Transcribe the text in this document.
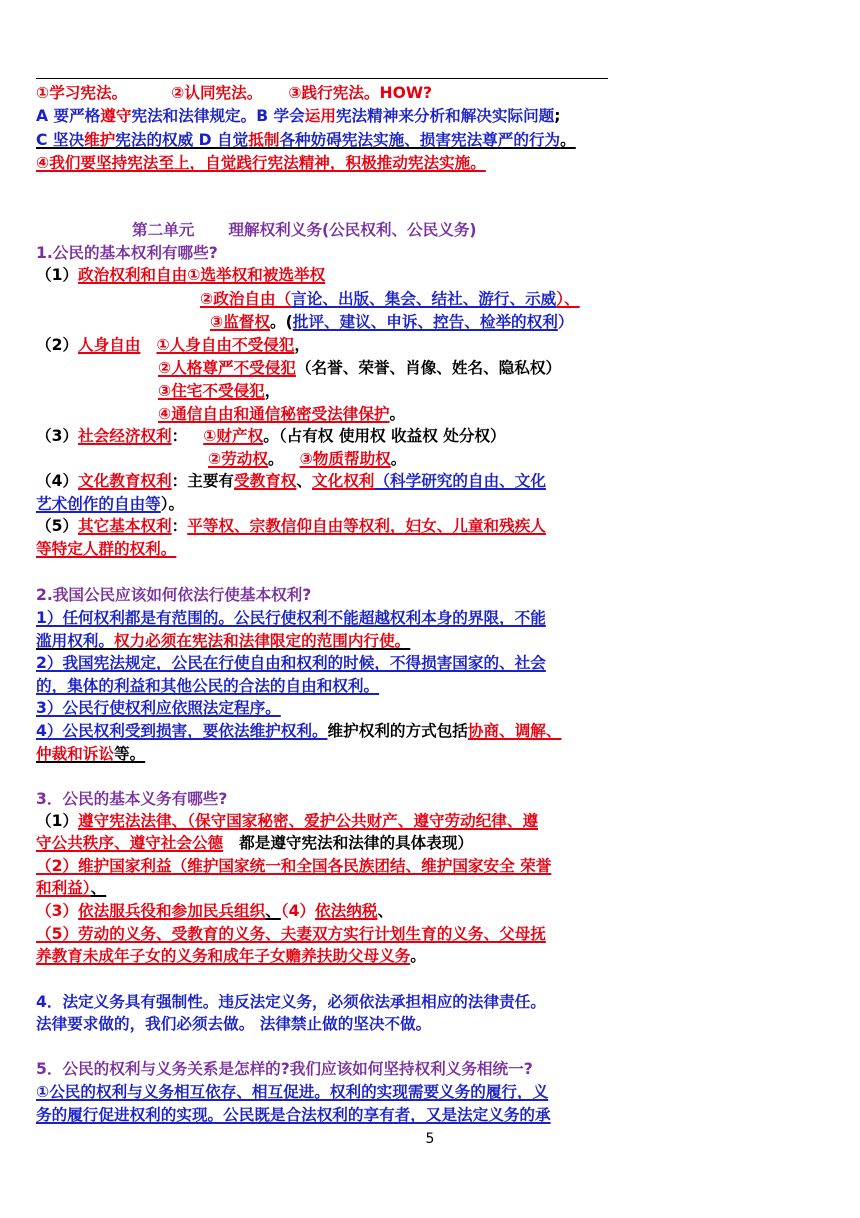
①学习宪法。	②认同宪法。 ③践行宪法。HOW?
A 要严格遵守宪法和法律规定。B 学会运用宪法精神来分析和解决实际问题;
C 坚决维护宪法的权威 D 自觉抵制各种妨碍宪法实施、损害宪法尊严的行为。
④我们要坚持宪法至上，自觉践行宪法精神，积极推动宪法实施。
第二单元 理解权利义务(公民权利、公民义务)
1.公民的基本权利有哪些?
（1）政治权利和自由①选举权和被选举权
②政治自由（言论、出版、集会、结社、游行、示威）、
③监督权。(批评、建议、申诉、控告、检举的权利）
（2）人身自由 ①人身自由不受侵犯，
②人格尊严不受侵犯（名誉、荣誉、肖像、姓名、隐私权）
③住宅不受侵犯，
④通信自由和通信秘密受法律保护。
（3）社会经济权利： ①财产权。（占有权 使用权 收益权 处分权）
②劳动权。 ③物质帮助权。
（4）文化教育权利：主要有受教育权、文化权利（科学研究的自由、文化
艺术创作的自由等）。
（5）其它基本权利：平等权、宗教信仰自由等权利，妇女、儿童和残疾人
等特定人群的权利。
2.我国公民应该如何依法行使基本权利?
1）任何权利都是有范围的。公民行使权利不能超越权利本身的界限，不能
滥用权利。权力必须在宪法和法律限定的范围内行使。
2）我国宪法规定，公民在行使自由和权利的时候，不得损害国家的、社会
的，集体的利益和其他公民的合法的自由和权利。
3）公民行使权利应依照法定程序。
4）公民权利受到损害，要依法维护权利。维护权利的方式包括协商、调解、
仲裁和诉讼等。
3．公民的基本义务有哪些?
（1）遵守宪法法律、（保守国家秘密、爱护公共财产、遵守劳动纪律、遵
守公共秩序、遵守社会公德 都是遵守宪法和法律的具体表现）
（2）维护国家利益（维护国家统一和全国各民族团结、维护国家安全 荣誉
和利益）、
（3）依法服兵役和参加民兵组织、（4）依法纳税、
（5）劳动的义务、受教育的义务、夫妻双方实行计划生育的义务、父母抚
养教育未成年子女的义务和成年子女赡养扶助父母义务。
4．法定义务具有强制性。违反法定义务，必须依法承担相应的法律责任。
法律要求做的，我们必须去做。 法律禁止做的坚决不做。
5．公民的权利与义务关系是怎样的?我们应该如何坚持权利义务相统一?
①公民的权利与义务相互依存、相互促进。权利的实现需要义务的履行，义
务的履行促进权利的实现。公民既是合法权利的享有者，又是法定义务的承
5
